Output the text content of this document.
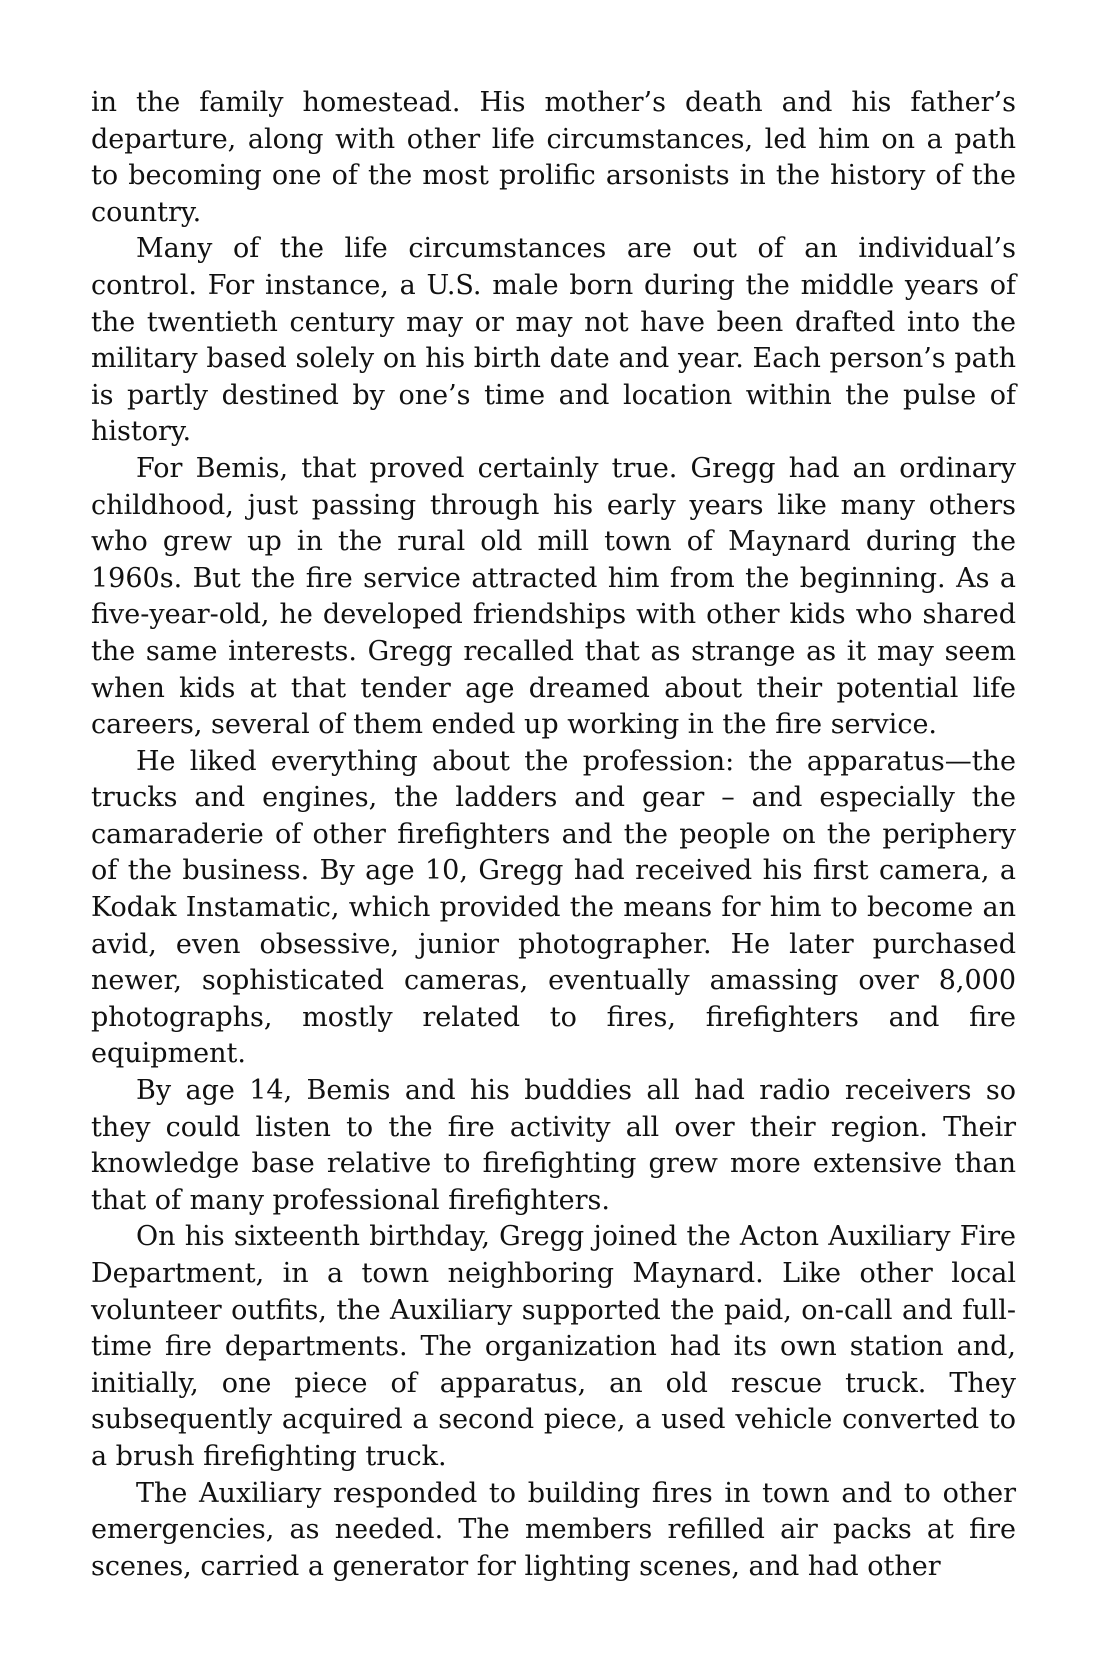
in the family homestead. His mother’s death and his father’s departure, along with other life circumstances, led him on a path to becoming one of the most prolific arsonists in the history of the country.

Many of the life circumstances are out of an individual’s control. For instance, a U.S. male born during the middle years of the twentieth century may or may not have been drafted into the military based solely on his birth date and year. Each person’s path is partly destined by one’s time and location within the pulse of history.

For Bemis, that proved certainly true. Gregg had an ordinary childhood, just passing through his early years like many others who grew up in the rural old mill town of Maynard during the 1960s. But the fire service attracted him from the beginning. As a five-year-old, he developed friendships with other kids who shared the same interests. Gregg recalled that as strange as it may seem when kids at that tender age dreamed about their potential life careers, several of them ended up working in the fire service.

He liked everything about the profession: the apparatus—the trucks and engines, the ladders and gear – and especially the camaraderie of other firefighters and the people on the periphery of the business. By age 10, Gregg had received his first camera, a Kodak Instamatic, which provided the means for him to become an avid, even obsessive, junior photographer. He later purchased newer, sophisticated cameras, eventually amassing over 8,000 photographs, mostly related to fires, firefighters and fire equipment.

By age 14, Bemis and his buddies all had radio receivers so they could listen to the fire activity all over their region. Their knowledge base relative to firefighting grew more extensive than that of many professional firefighters.

On his sixteenth birthday, Gregg joined the Acton Auxiliary Fire Department, in a town neighboring Maynard. Like other local volunteer outfits, the Auxiliary supported the paid, on-call and full-time fire departments. The organization had its own station and, initially, one piece of apparatus, an old rescue truck. They subsequently acquired a second piece, a used vehicle converted to a brush firefighting truck.

The Auxiliary responded to building fires in town and to other emergencies, as needed. The members refilled air packs at fire scenes, carried a generator for lighting scenes, and had other
